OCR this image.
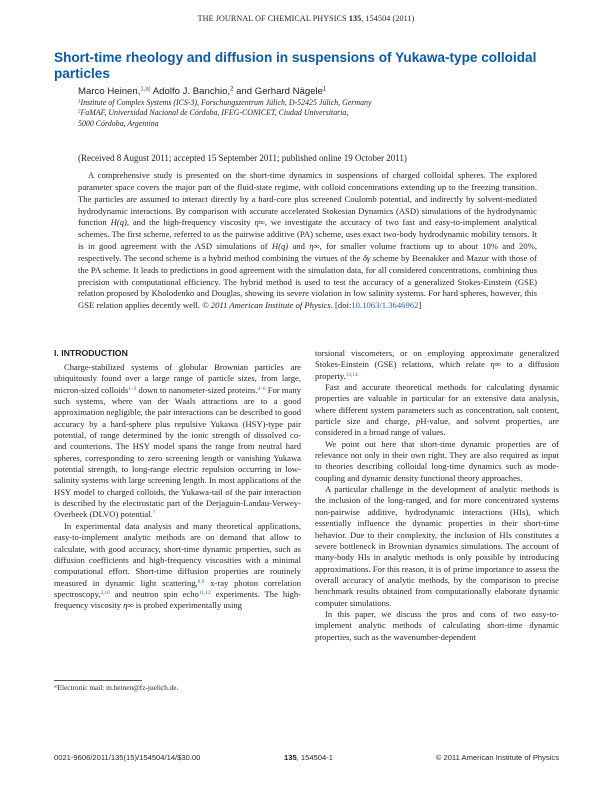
THE JOURNAL OF CHEMICAL PHYSICS 135, 154504 (2011)
Short-time rheology and diffusion in suspensions of Yukawa-type colloidal particles
Marco Heinen,$^{1,a)}$ Adolfo J. Banchio,$^2$ and Gerhard Nägele$^1$
$^1$Institute of Complex Systems (ICS-3), Forschungszentrum Jülich, D-52425 Jülich, Germany
$^2$FaMAF, Universidad Nacional de Córdoba, IFEG-CONICET, Ciudad Universitaria,
5000 Córdoba, Argentina
(Received 8 August 2011; accepted 15 September 2011; published online 19 October 2011)

A comprehensive study is presented on the short-time dynamics in suspensions of charged colloidal spheres. The explored parameter space covers the major part of the fluid-state regime, with colloid concentrations extending up to the freezing transition. The particles are assumed to interact directly by a hard-core plus screened Coulomb potential, and indirectly by solvent-mediated hydrodynamic interactions. By comparison with accurate accelerated Stokesian Dynamics (ASD) simulations of the hydrodynamic function H(q), and the high-frequency viscosity η∞, we investigate the accuracy of two fast and easy-to-implement analytical schemes. The first scheme, referred to as the pairwise additive (PA) scheme, uses exact two-body hydrodynamic mobility tensors. It is in good agreement with the ASD simulations of H(q) and η∞, for smaller volume fractions up to about 10% and 20%, respectively. The second scheme is a hybrid method combining the virtues of the δγ scheme by Beenakker and Mazur with those of the PA scheme. It leads to predictions in good agreement with the simulation data, for all considered concentrations, combining thus precision with computational efficiency. The hybrid method is used to test the accuracy of a generalized Stokes-Einstein (GSE) relation proposed by Kholodenko and Douglas, showing its severe violation in low salinity systems. For hard spheres, however, this GSE relation applies decently well. © 2011 American Institute of Physics. [doi:10.1063/1.3646962]

I. INTRODUCTION

Charge-stabilized systems of globular Brownian particles are ubiquitously found over a large range of particle sizes, from large, micron-sized colloids$^{1-3}$ down to nanometer-sized proteins.$^{4-6}$ For many such systems, where van der Waals attractions are to a good approximation negligible, the pair interactions can be described to good accuracy by a hard-sphere plus repulsive Yukawa (HSY)-type pair potential, of range determined by the ionic strength of dissolved co- and counterions. The HSY model spans the range from neutral hard spheres, corresponding to zero screening length or vanishing Yukawa potential strength, to long-range electric repulsion occurring in low-salinity systems with large screening length. In most applications of the HSY model to charged colloids, the Yukawa-tail of the pair interaction is described by the electrostatic part of the Derjaguin-Landau-Verwey-Overbeek (DLVO) potential.$^7$

In experimental data analysis and many theoretical applications, easy-to-implement analytic methods are on demand that allow to calculate, with good accuracy, short-time dynamic properties, such as diffusion coefficients and high-frequency viscosities with a minimal computational effort. Short-time diffusion properties are routinely measured in dynamic light scattering,$^{8,9}$ x-ray photon correlation spectroscopy,$^{2,10}$ and neutron spin echo$^{11,12}$ experiments. The high-frequency viscosity η∞ is probed experimentally using

torsional viscometers, or on employing approximate generalized Stokes-Einstein (GSE) relations, which relate η∞ to a diffusion property.$^{13,14}$

Fast and accurate theoretical methods for calculating dynamic properties are valuable in particular for an extensive data analysis, where different system parameters such as concentration, salt content, particle size and charge, pH-value, and solvent properties, are considered in a broad range of values.

We point out here that short-time dynamic properties are of relevance not only in their own right. They are also required as input to theories describing colloidal long-time dynamics such as mode-coupling and dynamic density functional theory approaches.

A particular challenge in the development of analytic methods is the inclusion of the long-ranged, and for more concentrated systems non-pairwise additive, hydrodynamic interactions (HIs), which essentially influence the dynamic properties in their short-time behavior. Due to their complexity, the inclusion of HIs constitutes a severe bottleneck in Brownian dynamics simulations. The account of many-body HIs in analytic methods is only possible by introducing approximations. For this reason, it is of prime importance to assess the overall accuracy of analytic methods, by the comparison to precise benchmark results obtained from computationally elaborate dynamic computer simulations.

In this paper, we discuss the pros and cons of two easy-to-implement analytic methods of calculating short-time dynamic properties, such as the wavenumber-dependent

$^{a)}$Electronic mail: m.heinen@fz-juelich.de.
0021-9606/2011/135(15)/154504/14/$30.00	135, 154504-1	© 2011 American Institute of Physics
